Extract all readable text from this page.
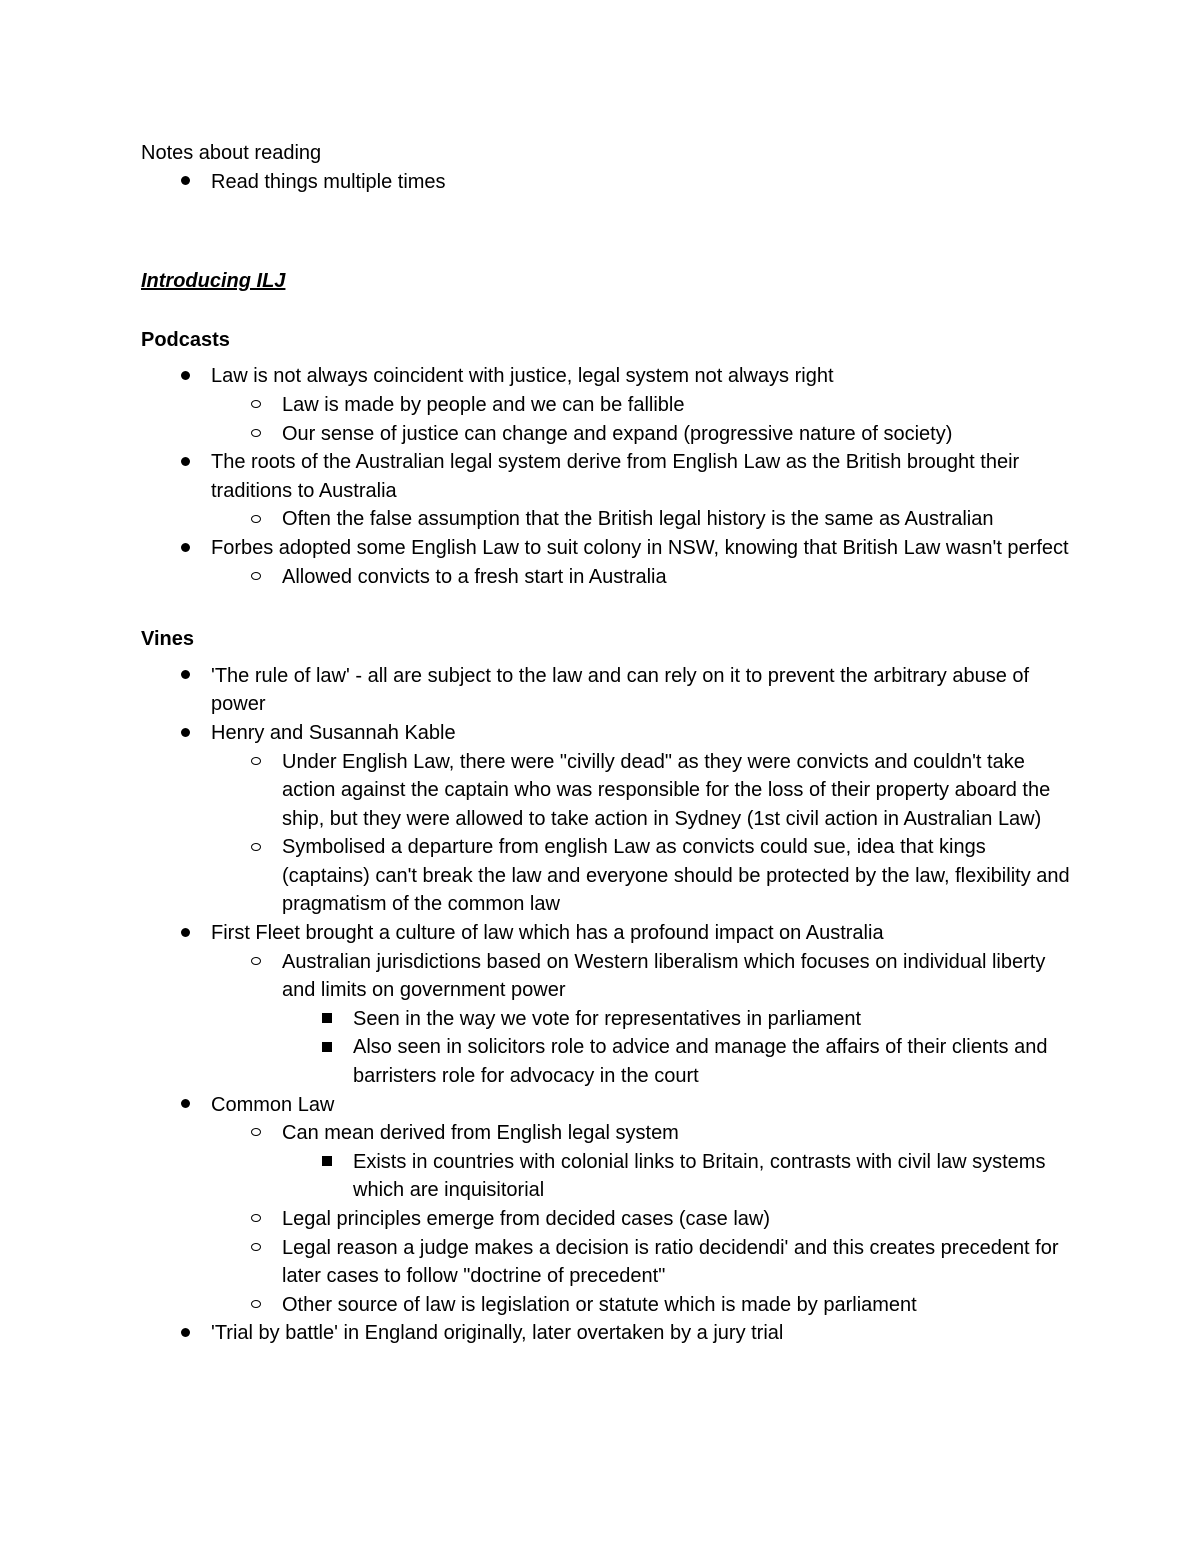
Notes about reading

Read things multiple times

Introducing ILJ

Podcasts

Law is not always coincident with justice, legal system not always right
Law is made by people and we can be fallible
Our sense of justice can change and expand (progressive nature of society)
The roots of the Australian legal system derive from English Law as the British brought their traditions to Australia
Often the false assumption that the British legal history is the same as Australian
Forbes adopted some English Law to suit colony in NSW, knowing that British Law wasn't perfect
Allowed convicts to a fresh start in Australia

Vines

'The rule of law' - all are subject to the law and can rely on it to prevent the arbitrary abuse of power
Henry and Susannah Kable
Under English Law, there were "civilly dead" as they were convicts and couldn't take action against the captain who was responsible for the loss of their property aboard the ship, but they were allowed to take action in Sydney (1st civil action in Australian Law)
Symbolised a departure from english Law as convicts could sue, idea that kings (captains) can't break the law and everyone should be protected by the law, flexibility and pragmatism of the common law
First Fleet brought a culture of law which has a profound impact on Australia
Australian jurisdictions based on Western liberalism which focuses on individual liberty and limits on government power
Seen in the way we vote for representatives in parliament
Also seen in solicitors role to advice and manage the affairs of their clients and barristers role for advocacy in the court
Common Law
Can mean derived from English legal system
Exists in countries with colonial links to Britain, contrasts with civil law systems which are inquisitorial
Legal principles emerge from decided cases (case law)
Legal reason a judge makes a decision is ratio decidendi' and this creates precedent for later cases to follow "doctrine of precedent"
Other source of law is legislation or statute which is made by parliament
'Trial by battle' in England originally, later overtaken by a jury trial
